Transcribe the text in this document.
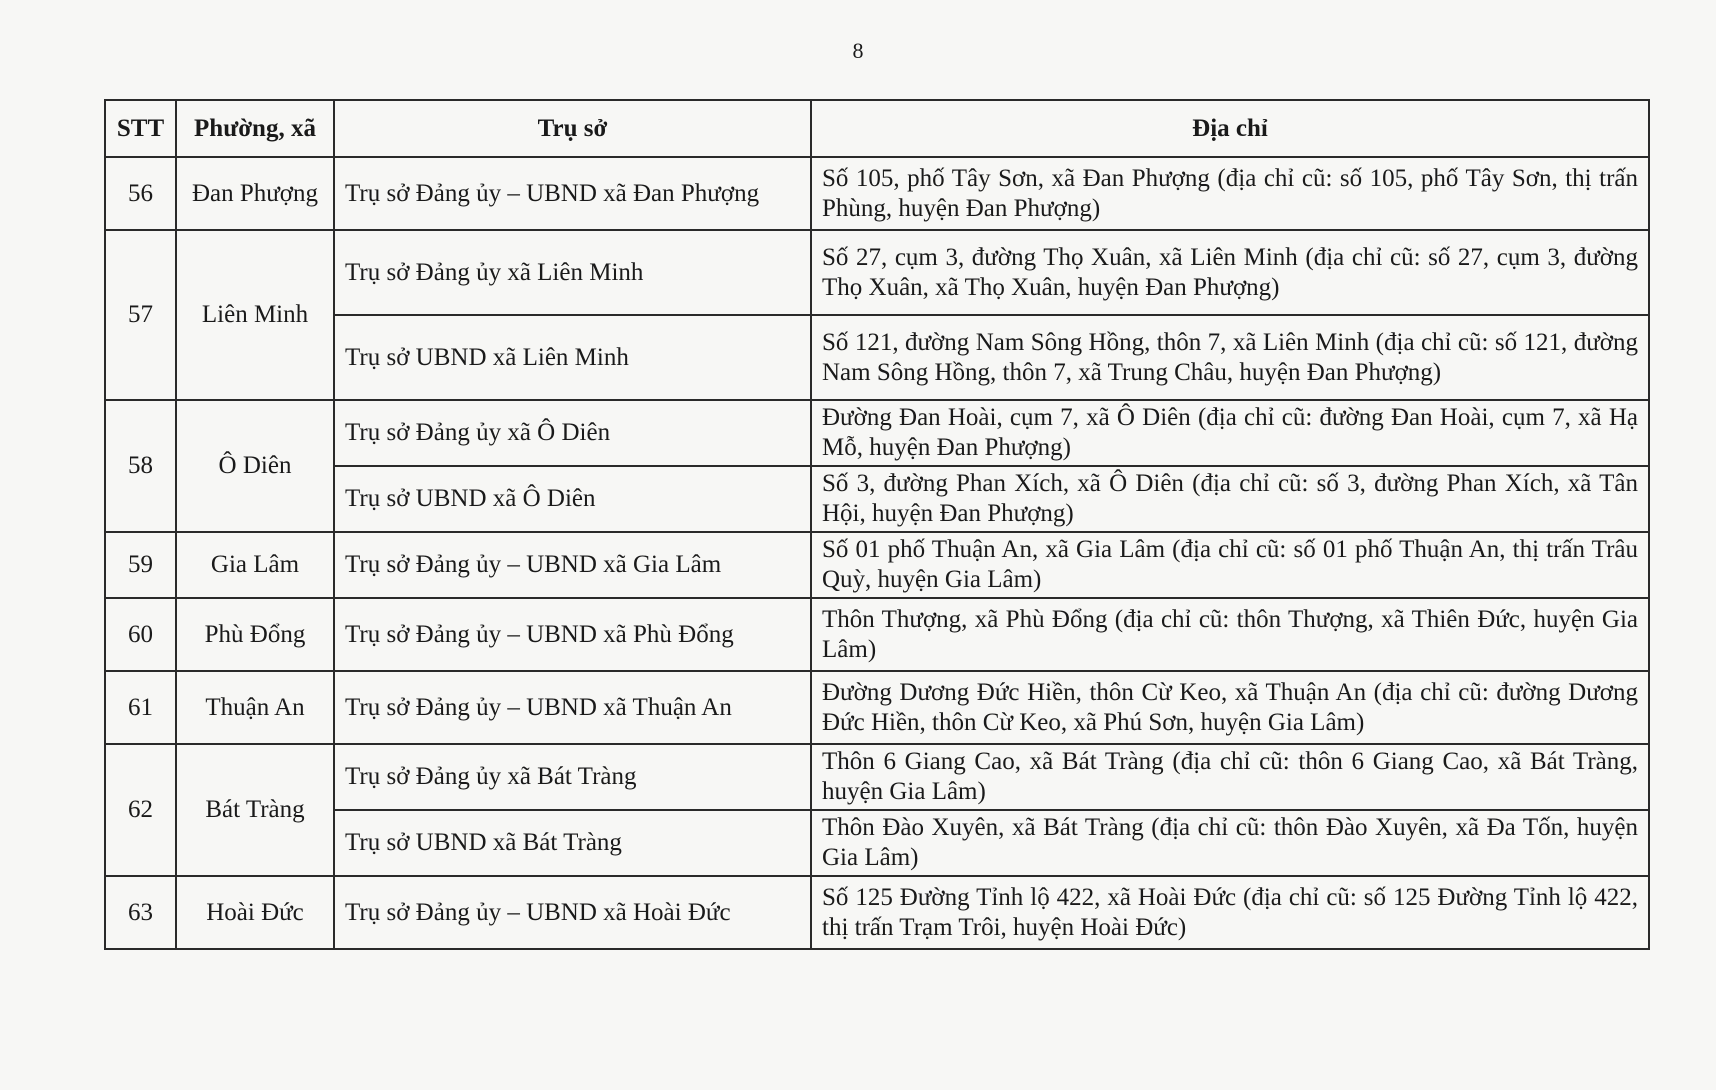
8
STT	Phường, xã	Trụ sở	Địa chỉ
56	Đan Phượng	Trụ sở Đảng ủy – UBND xã Đan Phượng	Số 105, phố Tây Sơn, xã Đan Phượng (địa chỉ cũ: số 105, phố Tây Sơn, thị trấn Phùng, huyện Đan Phượng)
57	Liên Minh	Trụ sở Đảng ủy xã Liên Minh	Số 27, cụm 3, đường Thọ Xuân, xã Liên Minh (địa chỉ cũ: số 27, cụm 3, đường Thọ Xuân, xã Thọ Xuân, huyện Đan Phượng)
		Trụ sở UBND xã Liên Minh	Số 121, đường Nam Sông Hồng, thôn 7, xã Liên Minh (địa chỉ cũ: số 121, đường Nam Sông Hồng, thôn 7, xã Trung Châu, huyện Đan Phượng)
58	Ô Diên	Trụ sở Đảng ủy xã Ô Diên	Đường Đan Hoài, cụm 7, xã Ô Diên (địa chỉ cũ: đường Đan Hoài, cụm 7, xã Hạ Mỗ, huyện Đan Phượng)
		Trụ sở UBND xã Ô Diên	Số 3, đường Phan Xích, xã Ô Diên (địa chỉ cũ: số 3, đường Phan Xích, xã Tân Hội, huyện Đan Phượng)
59	Gia Lâm	Trụ sở Đảng ủy – UBND xã Gia Lâm	Số 01 phố Thuận An, xã Gia Lâm (địa chỉ cũ: số 01 phố Thuận An, thị trấn Trâu Quỳ, huyện Gia Lâm)
60	Phù Đổng	Trụ sở Đảng ủy – UBND xã Phù Đổng	Thôn Thượng, xã Phù Đổng (địa chỉ cũ: thôn Thượng, xã Thiên Đức, huyện Gia Lâm)
61	Thuận An	Trụ sở Đảng ủy – UBND xã Thuận An	Đường Dương Đức Hiền, thôn Cừ Keo, xã Thuận An (địa chỉ cũ: đường Dương Đức Hiền, thôn Cừ Keo, xã Phú Sơn, huyện Gia Lâm)
62	Bát Tràng	Trụ sở Đảng ủy xã Bát Tràng	Thôn 6 Giang Cao, xã Bát Tràng (địa chỉ cũ: thôn 6 Giang Cao, xã Bát Tràng, huyện Gia Lâm)
		Trụ sở UBND xã Bát Tràng	Thôn Đào Xuyên, xã Bát Tràng (địa chỉ cũ: thôn Đào Xuyên, xã Đa Tốn, huyện Gia Lâm)
63	Hoài Đức	Trụ sở Đảng ủy – UBND xã Hoài Đức	Số 125 Đường Tỉnh lộ 422, xã Hoài Đức (địa chỉ cũ: số 125 Đường Tỉnh lộ 422, thị trấn Trạm Trôi, huyện Hoài Đức)
